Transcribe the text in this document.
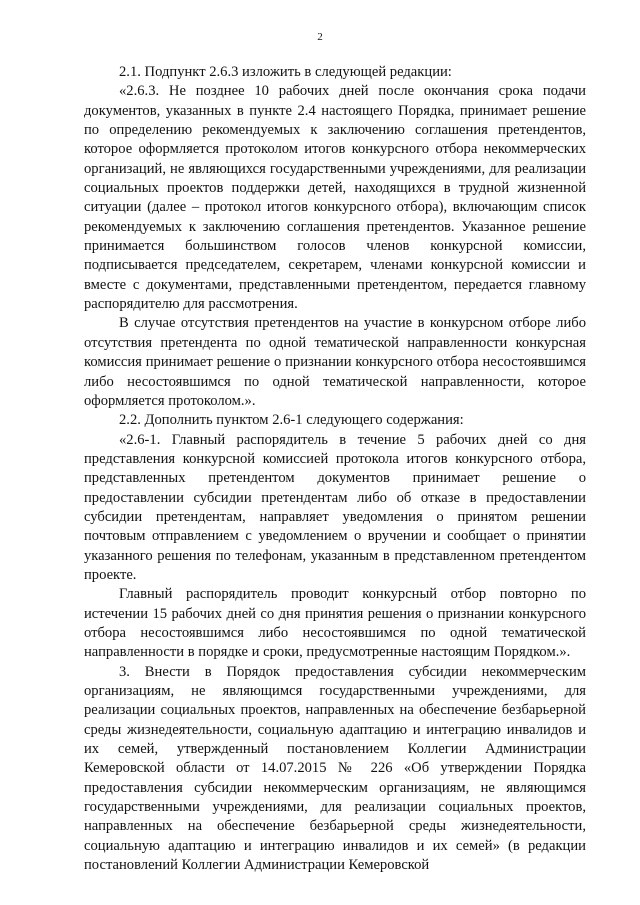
2

2.1. Подпункт 2.6.3 изложить в следующей редакции:

«2.6.3. Не позднее 10 рабочих дней после окончания срока подачи документов, указанных в пункте 2.4 настоящего Порядка, принимает решение по определению рекомендуемых к заключению соглашения претендентов, которое оформляется протоколом итогов конкурсного отбора некоммерческих организаций, не являющихся государственными учреждениями, для реализации социальных проектов поддержки детей, находящихся в трудной жизненной ситуации (далее – протокол итогов конкурсного отбора), включающим список рекомендуемых к заключению соглашения претендентов. Указанное решение принимается большинством голосов членов конкурсной комиссии, подписывается председателем, секретарем, членами конкурсной комиссии и вместе с документами, представленными претендентом, передается главному распорядителю для рассмотрения.

В случае отсутствия претендентов на участие в конкурсном отборе либо отсутствия претендента по одной тематической направленности конкурсная комиссия принимает решение о признании конкурсного отбора несостоявшимся либо несостоявшимся по одной тематической направленности, которое оформляется протоколом.».

2.2. Дополнить пунктом 2.6-1 следующего содержания:

«2.6-1. Главный распорядитель в течение 5 рабочих дней со дня представления конкурсной комиссией протокола итогов конкурсного отбора, представленных претендентом документов принимает решение о предоставлении субсидии претендентам либо об отказе в предоставлении субсидии претендентам, направляет уведомления о принятом решении почтовым отправлением с уведомлением о вручении и сообщает о принятии указанного решения по телефонам, указанным в представленном претендентом проекте.

Главный распорядитель проводит конкурсный отбор повторно по истечении 15 рабочих дней со дня принятия решения о признании конкурсного отбора несостоявшимся либо несостоявшимся по одной тематической направленности в порядке и сроки, предусмотренные настоящим Порядком.».

3. Внести в Порядок предоставления субсидии некоммерческим организациям, не являющимся государственными учреждениями, для реализации социальных проектов, направленных на обеспечение безбарьерной среды жизнедеятельности, социальную адаптацию и интеграцию инвалидов и их семей, утвержденный постановлением Коллегии Администрации Кемеровской области от 14.07.2015 № 226 «Об утверждении Порядка предоставления субсидии некоммерческим организациям, не являющимся государственными учреждениями, для реализации социальных проектов, направленных на обеспечение безбарьерной среды жизнедеятельности, социальную адаптацию и интеграцию инвалидов и их семей» (в редакции постановлений Коллегии Администрации Кемеровской
